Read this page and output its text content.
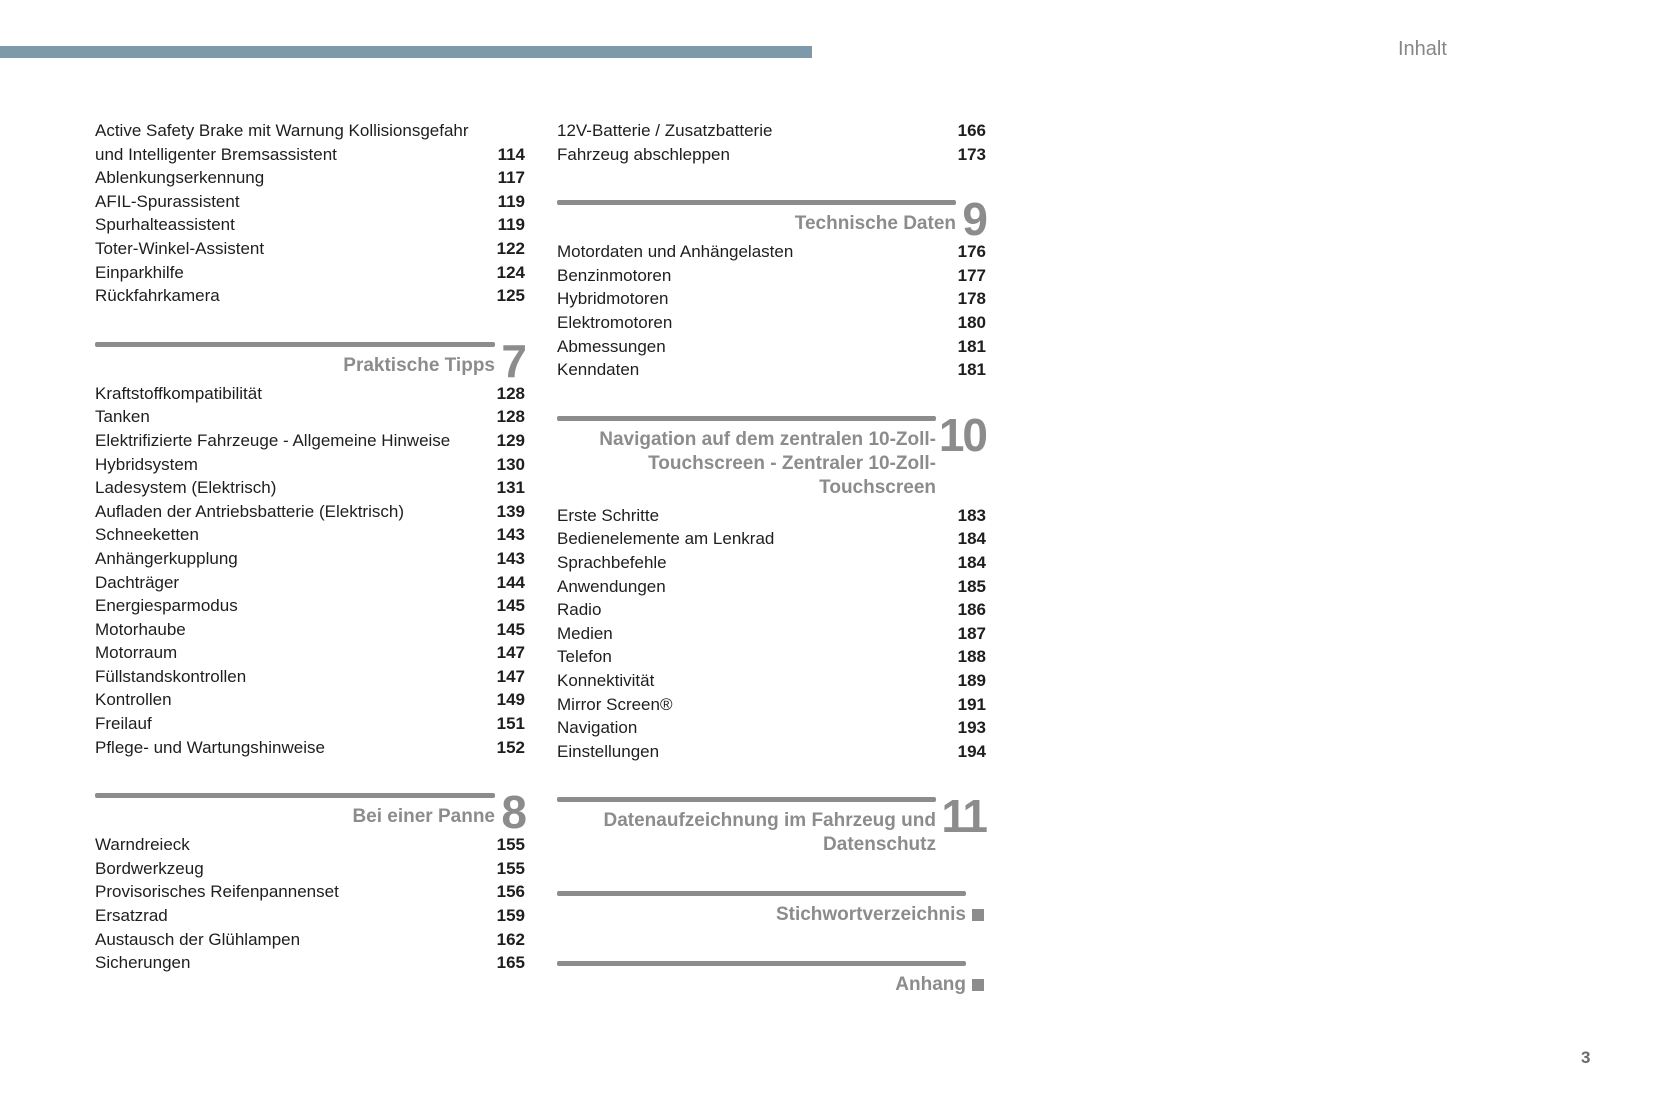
Inhalt
Active Safety Brake mit Warnung Kollisionsgefahr und Intelligenter Bremsassistent	114
Ablenkungserkennung	117
AFIL-Spurassistent	119
Spurhalteassistent	119
Toter-Winkel-Assistent	122
Einparkhilfe	124
Rückfahrkamera	125
Praktische Tipps 7
Kraftstoffkompatibilität	128
Tanken	128
Elektrifizierte Fahrzeuge - Allgemeine Hinweise	129
Hybridsystem	130
Ladesystem (Elektrisch)	131
Aufladen der Antriebsbatterie (Elektrisch)	139
Schneeketten	143
Anhängerkupplung	143
Dachträger	144
Energiesparmodus	145
Motorhaube	145
Motorraum	147
Füllstandskontrollen	147
Kontrollen	149
Freilauf	151
Pflege- und Wartungshinweise	152
Bei einer Panne 8
Warndreieck	155
Bordwerkzeug	155
Provisorisches Reifenpannenset	156
Ersatzrad	159
Austausch der Glühlampen	162
Sicherungen	165
12V-Batterie / Zusatzbatterie	166
Fahrzeug abschleppen	173
Technische Daten 9
Motordaten und Anhängelasten	176
Benzinmotoren	177
Hybridmotoren	178
Elektromotoren	180
Abmessungen	181
Kenndaten	181
Navigation auf dem zentralen 10-Zoll-
Touchscreen - Zentraler 10-Zoll-Touchscreen
10
Erste Schritte	183
Bedienelemente am Lenkrad	184
Sprachbefehle	184
Anwendungen	185
Radio	186
Medien	187
Telefon	188
Konnektivität	189
Mirror Screen®	191
Navigation	193
Einstellungen	194
Datenaufzeichnung im Fahrzeug und
Datenschutz
11
Stichwortverzeichnis
Anhang
3
